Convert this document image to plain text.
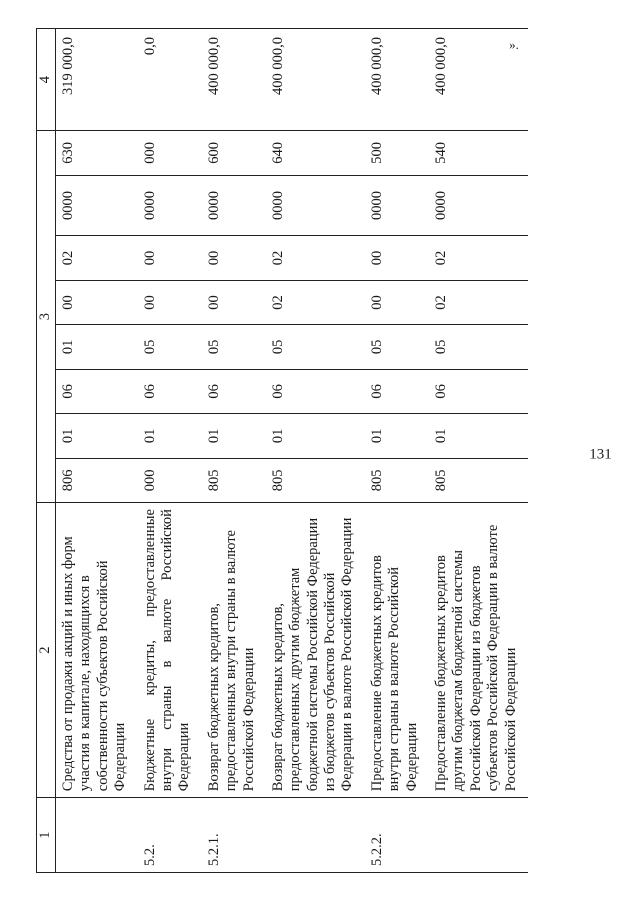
131
1	2	3								4
	Средства от продажи акций и иных форм участия в капитале, находящихся в собственности субъектов Российской Федерации	806	01	06	01	00	02	0000	630	319 000,0
5.2.	Бюджетные кредиты, предоставленные внутри страны в валюте Российской Федерации	000	01	06	05	00	00	0000	000	0,0
5.2.1.	Возврат бюджетных кредитов, предоставленных внутри страны в валюте Российской Федерации	805	01	06	05	00	00	0000	600	400 000,0
	Возврат бюджетных кредитов, предоставленных другим бюджетам бюджетной системы Российской Федерации из бюджетов субъектов Российской Федерации в валюте Российской Федерации	805	01	06	05	02	02	0000	640	400 000,0
5.2.2.	Предоставление бюджетных кредитов внутри страны в валюте Российской Федерации	805	01	06	05	00	00	0000	500	400 000,0
	Предоставление бюджетных кредитов другим бюджетам бюджетной системы Российской Федерации из бюджетов субъектов Российской Федерации в валюте Российской Федерации	805	01	06	05	02	02	0000	540	400 000,0	».
